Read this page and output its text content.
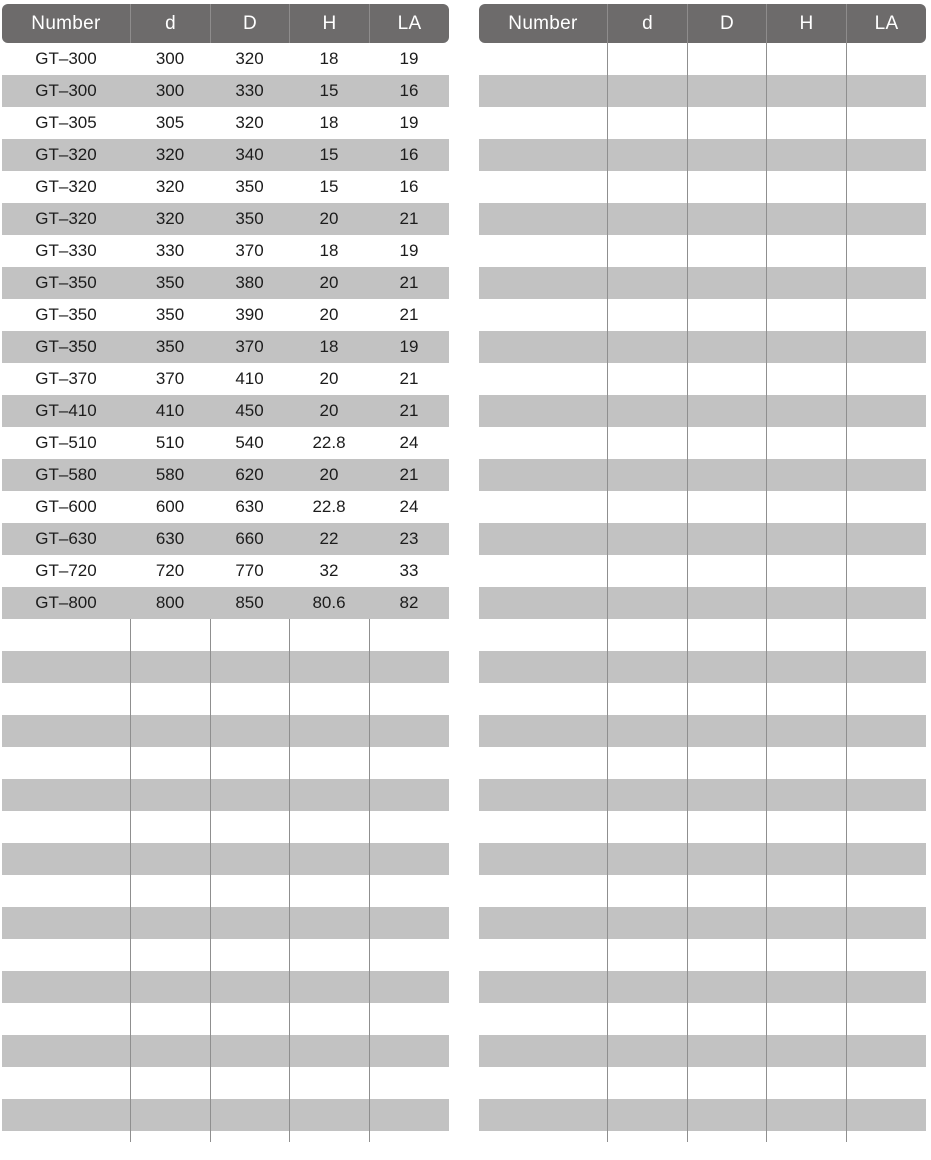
Number	d	D	H	LA
GT–300	300	320	18	19
GT–300	300	330	15	16
GT–305	305	320	18	19
GT–320	320	340	15	16
GT–320	320	350	15	16
GT–320	320	350	20	21
GT–330	330	370	18	19
GT–350	350	380	20	21
GT–350	350	390	20	21
GT–350	350	370	18	19
GT–370	370	410	20	21
GT–410	410	450	20	21
GT–510	510	540	22.8	24
GT–580	580	620	20	21
GT–600	600	630	22.8	24
GT–630	630	660	22	23
GT–720	720	770	32	33
GT–800	800	850	80.6	82
Number	d	D	H	LA
